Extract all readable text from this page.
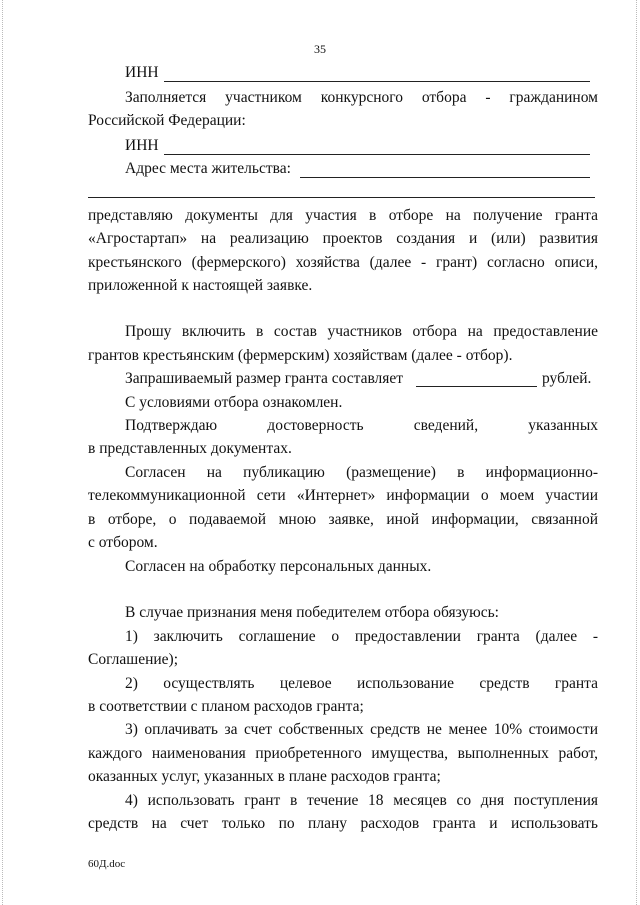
35
ИНН
Заполняется участником конкурсного отбора - гражданином
Российской Федерации:
ИНН
Адрес места жительства:
представляю документы для участия в отборе на получение гранта
«Агростартап» на реализацию проектов создания и (или) развития
крестьянского (фермерского) хозяйства (далее - грант) согласно описи,
приложенной к настоящей заявке.
Прошу включить в состав участников отбора на предоставление
грантов крестьянским (фермерским) хозяйствам (далее - отбор).
Запрашиваемый размер гранта составляет	рублей.
С условиями отбора ознакомлен.
Подтверждаю достоверность сведений, указанных
в представленных документах.
Согласен на публикацию (размещение) в информационно-
телекоммуникационной сети «Интернет» информации о моем участии
в отборе, о подаваемой мною заявке, иной информации, связанной
с отбором.
Согласен на обработку персональных данных.
В случае признания меня победителем отбора обязуюсь:
1) заключить соглашение о предоставлении гранта (далее -
Соглашение);
2) осуществлять целевое использование средств гранта
в соответствии с планом расходов гранта;
3) оплачивать за счет собственных средств не менее 10% стоимости
каждого наименования приобретенного имущества, выполненных работ,
оказанных услуг, указанных в плане расходов гранта;
4) использовать грант в течение 18 месяцев со дня поступления
средств на счет только по плану расходов гранта и использовать
60Д.doc
